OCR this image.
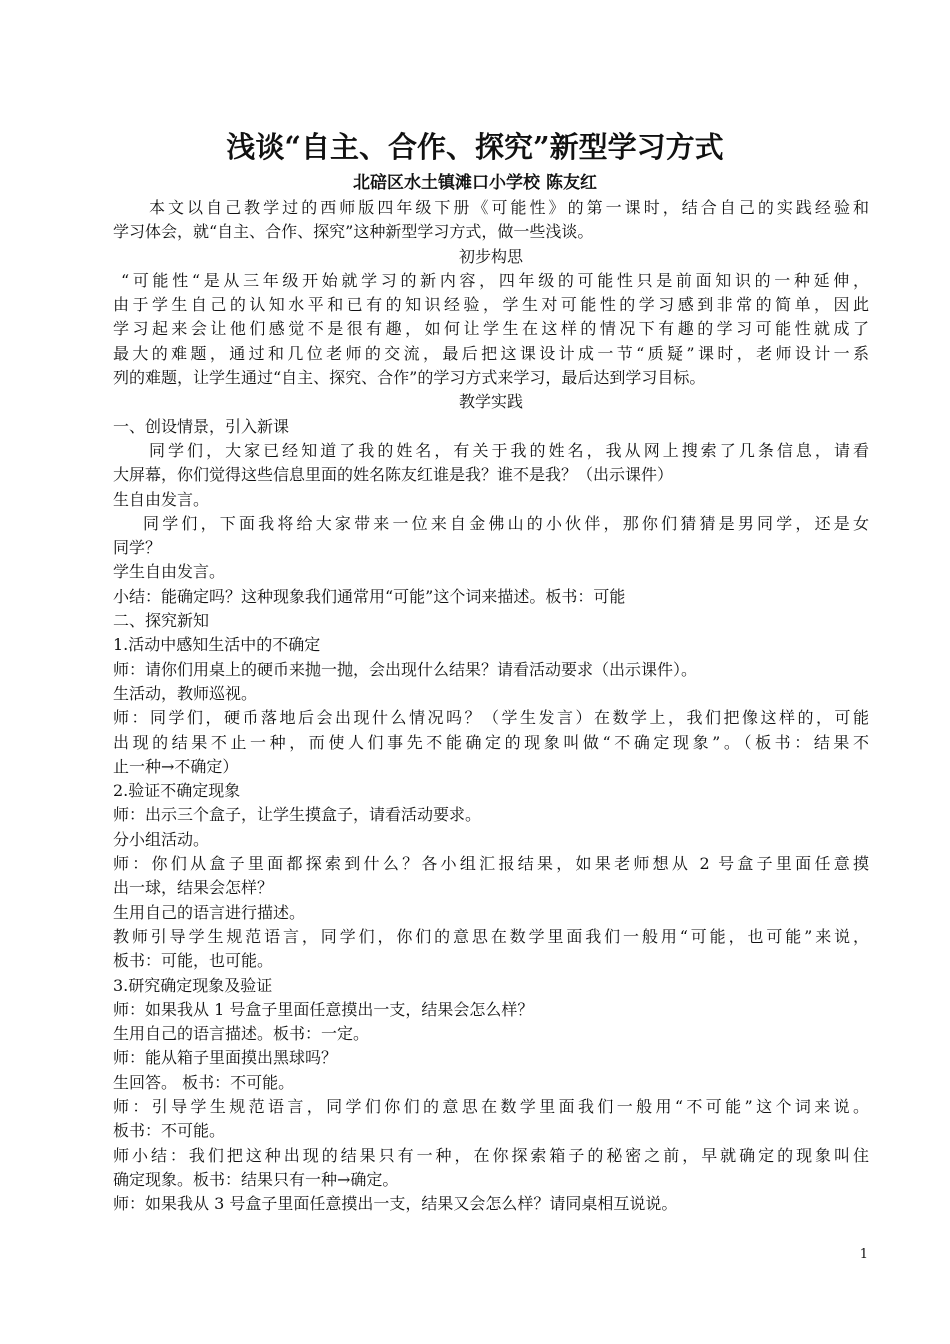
浅谈“自主、合作、探究”新型学习方式
北碚区水土镇滩口小学校 陈友红
本文以自己教学过的西师版四年级下册《可能性》的第一课时，结合自己的实践经验和
学习体会，就“自主、合作、探究”这种新型学习方式，做一些浅谈。
初步构思
“可能性“是从三年级开始就学习的新内容，四年级的可能性只是前面知识的一种延伸，
由于学生自己的认知水平和已有的知识经验，学生对可能性的学习感到非常的简单，因此
学习起来会让他们感觉不是很有趣，如何让学生在这样的情况下有趣的学习可能性就成了
最大的难题，通过和几位老师的交流，最后把这课设计成一节“质疑”课时，老师设计一系
列的难题，让学生通过“自主、探究、合作”的学习方式来学习，最后达到学习目标。
教学实践
一、创设情景，引入新课
同学们，大家已经知道了我的姓名，有关于我的姓名，我从网上搜索了几条信息，请看
大屏幕，你们觉得这些信息里面的姓名陈友红谁是我？谁不是我？（出示课件）
生自由发言。
同学们，下面我将给大家带来一位来自金佛山的小伙伴，那你们猜猜是男同学，还是女
同学？
学生自由发言。
小结：能确定吗？这种现象我们通常用“可能”这个词来描述。板书：可能
二、探究新知
1.活动中感知生活中的不确定
师：请你们用桌上的硬币来抛一抛，会出现什么结果？请看活动要求（出示课件）。
生活动，教师巡视。
师：同学们，硬币落地后会出现什么情况吗？（学生发言）在数学上，我们把像这样的，可能
出现的结果不止一种，而使人们事先不能确定的现象叫做“不确定现象”。（板书：结果不
止一种→不确定）
2.验证不确定现象
师：出示三个盒子，让学生摸盒子，请看活动要求。
分小组活动。
师：你们从盒子里面都探索到什么？各小组汇报结果，如果老师想从 2 号盒子里面任意摸
出一球，结果会怎样？
生用自己的语言进行描述。
教师引导学生规范语言，同学们，你们的意思在数学里面我们一般用“可能，也可能”来说，
板书：可能，也可能。
3.研究确定现象及验证
师：如果我从 1 号盒子里面任意摸出一支，结果会怎么样？
生用自己的语言描述。板书：一定。
师：能从箱子里面摸出黑球吗？
生回答。 板书：不可能。
师：引导学生规范语言，同学们你们的意思在数学里面我们一般用“不可能”这个词来说。
板书：不可能。
师小结：我们把这种出现的结果只有一种，在你探索箱子的秘密之前，早就确定的现象叫住
确定现象。板书：结果只有一种→确定。
师：如果我从 3 号盒子里面任意摸出一支，结果又会怎么样？请同桌相互说说。
1
